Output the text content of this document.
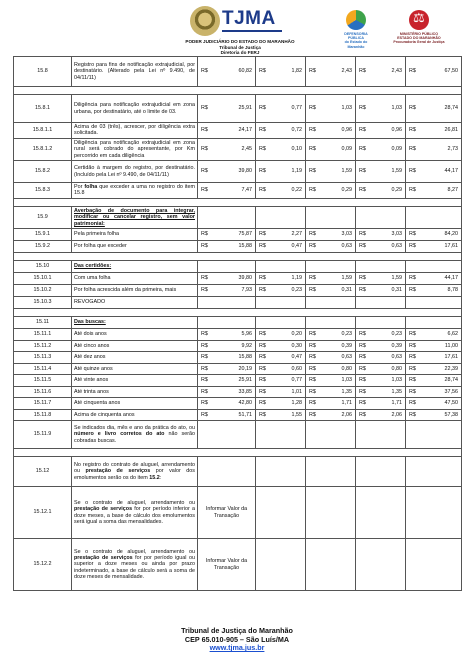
TJMA
PODER JUDICIÁRIO DO ESTADO DO MARANHÃO
Tribunal de Justiça
Diretoria do FERJ
DEFENSORIA PÚBLICA
do Estado do Maranhão
⚖
MINISTÉRIO PÚBLICO
ESTADO DO MARANHÃO
Procuradoria Geral de Justiça
15.8	Registro para fins de notificação extrajudicial, por destinatário. (Alterado pela Lei nº 9.490, de 04/11/11)	R$ 60,82	R$ 1,82	R$ 2,43	R$ 2,43	R$ 67,50

15.8.1	Diligência para notificação extrajudicial em zona urbana, por destinatário, até o limite de 03.	R$ 25,91	R$ 0,77	R$ 1,03	R$ 1,03	R$ 28,74

15.8.1.1	Acima de 03 (três), acrescer, por diligência extra solicitada.	R$ 24,17	R$ 0,72	R$ 0,96	R$ 0,96	R$ 26,81

15.8.1.2	Diligência para notificação extrajudicial em zona rural será cobrado do apresentante, por Km percorrido em cada diligência	R$ 2,45	R$ 0,10	R$ 0,09	R$ 0,09	R$ 2,73

15.8.2	Certidão à margem do registro, por destinatário. (Incluído pela Lei nº 9.490, de 04/11/11)	R$ 39,80	R$ 1,19	R$ 1,59	R$ 1,59	R$ 44,17

15.8.3	Por folha que exceder a uma no registro do item 15.8	R$ 7,47	R$ 0,22	R$ 0,29	R$ 0,29	R$ 8,27

15.9	Averbação de documento para integrar, modificar ou cancelar registro, sem valor patrimonial:					
15.9.1	Pela primeira folha	R$ 75,87	R$ 2,27	R$ 3,03	R$ 3,03	R$ 84,20

15.9.2	Por folha que exceder	R$ 15,88	R$ 0,47	R$ 0,63	R$ 0,63	R$ 17,61

15.10	Das certidões:					
15.10.1	Com uma folha	R$ 39,80	R$ 1,19	R$ 1,59	R$ 1,59	R$ 44,17

15.10.2	Por folha acrescida além da primeira, mais	R$ 7,93	R$ 0,23	R$ 0,31	R$ 0,31	R$ 8,78

15.10.3	REVOGADO					

15.11	Das buscas:					
15.11.1	Até dois anos	R$ 5,96	R$ 0,20	R$ 0,23	R$ 0,23	R$ 6,62

15.11.2	Até cinco anos	R$ 9,92	R$ 0,30	R$ 0,39	R$ 0,39	R$ 11,00

15.11.3	Até dez anos	R$ 15,88	R$ 0,47	R$ 0,63	R$ 0,63	R$ 17,61

15.11.4	Até quinze anos	R$ 20,19	R$ 0,60	R$ 0,80	R$ 0,80	R$ 22,39

15.11.5	Até vinte anos	R$ 25,91	R$ 0,77	R$ 1,03	R$ 1,03	R$ 28,74

15.11.6	Até trinta anos	R$ 33,85	R$ 1,01	R$ 1,35	R$ 1,35	R$ 37,56

15.11.7	Até cinquenta anos	R$ 42,80	R$ 1,28	R$ 1,71	R$ 1,71	R$ 47,50

15.11.8	Acima de cinquenta anos	R$ 51,71	R$ 1,55	R$ 2,06	R$ 2,06	R$ 57,38

15.11.9	Se indicados dia, mês e ano da prática do ato, ou número e livro corretos do ato não serão cobradas buscas.					

15.12	No registro do contrato de aluguel, arrendamento ou prestação de serviços por valor dos emolumentos serão os do item 15.2:					
15.12.1	Se o contrato de aluguel, arrendamento ou prestação de serviços for por período inferior a doze meses, a base de cálculo dos emolumentos será igual a soma das mensalidades.	Informar Valor da Transação				
15.12.2	Se o contrato de aluguel, arrendamento ou prestação de serviços for por período igual ou superior a doze meses ou ainda por prazo indeterminado, a base de cálculo será a soma de doze meses de mensalidade.	Informar Valor da Transação				
Tribunal de Justiça do Maranhão
CEP 65.010-905 – São Luís/MA
www.tjma.jus.br
